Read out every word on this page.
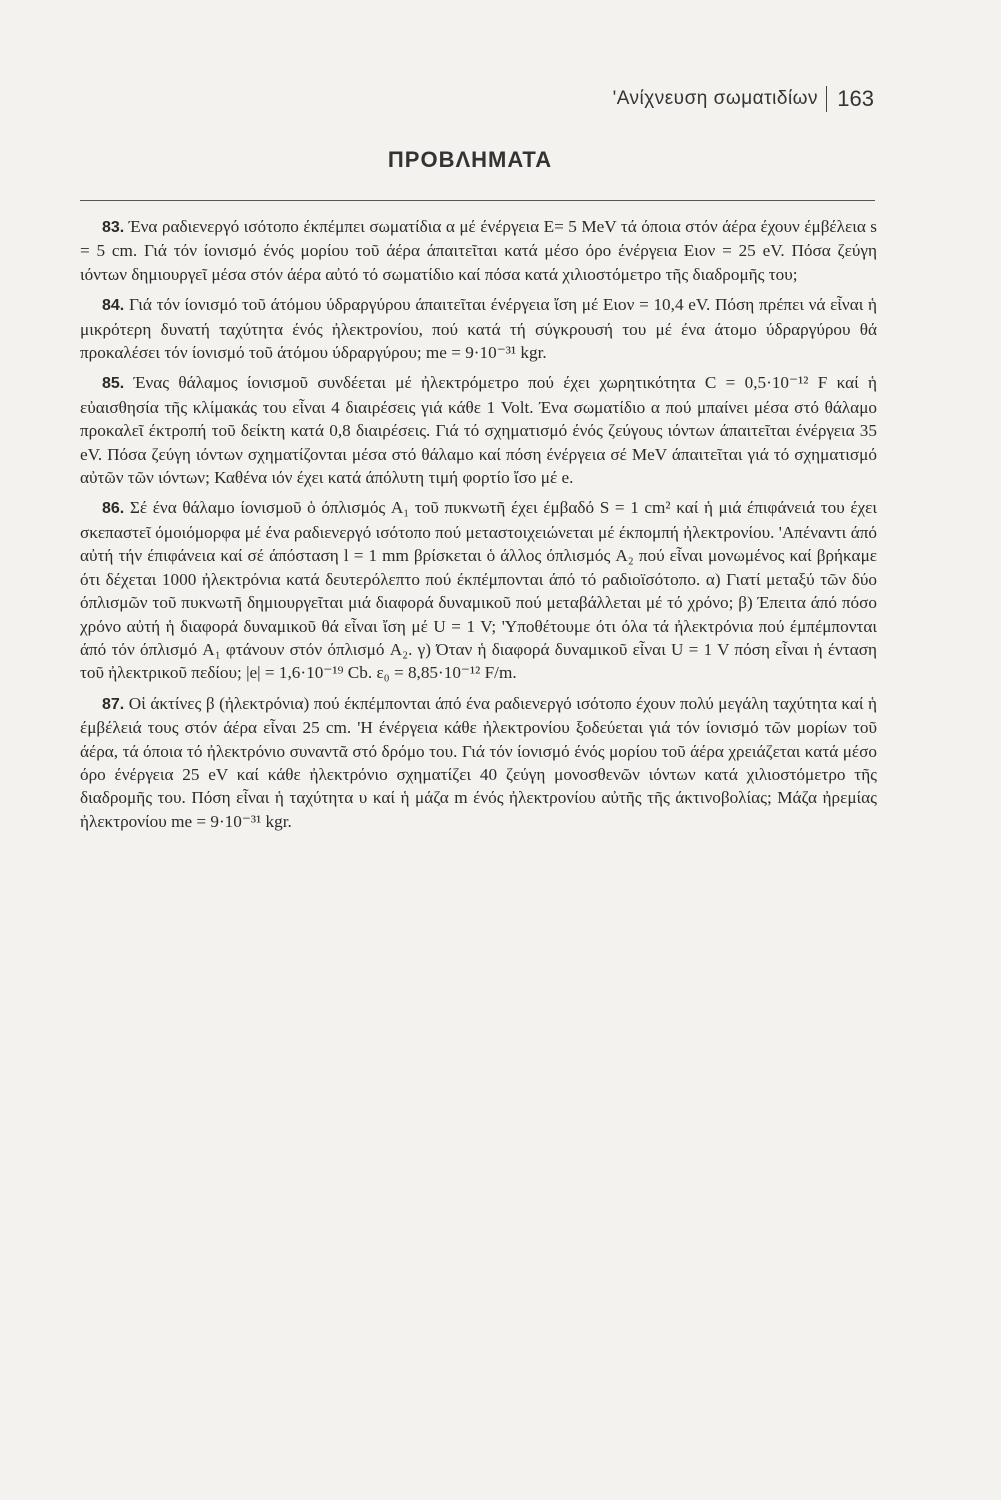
'Ανίχνευση σωματιδίων 163
ΠΡΟΒΛΗΜΑΤΑ

83. Ένα ραδιενεργό ισότοπο έκπέμπει σωματίδια α μέ ένέργεια Ε= 5 MeV τά όποια στόν άέρα έχουν έμβέλεια s = 5 cm. Γιά τόν ίονισμό ένός μορίου τοῦ άέρα άπαιτεῖται κατά μέσο όρο ένέργεια Eιον = 25 eV. Πόσα ζεύγη ιόντων δημιουργεῖ μέσα στόν άέρα αὐτό τό σωματίδιο καί πόσα κατά χιλιοστόμετρο τῆς διαδρομῆς του;

84. Γιά τόν ίονισμό τοῦ άτόμου ύδραργύρου άπαιτεῖται ένέργεια ἴση μέ Eιον = 10,4 eV. Πόση πρέπει νά εἶναι ἡ μικρότερη δυνατή ταχύτητα ένός ἠλεκτρονίου, πού κατά τή σύγκρουσή του μέ ένα άτομο ύδραργύρου θά προκαλέσει τόν ίονισμό τοῦ άτόμου ύδραργύρου; me = 9·10⁻³¹ kgr.

85. Ένας θάλαμος ίονισμοῦ συνδέεται μέ ἠλεκτρόμετρο πού έχει χωρητικότητα C = 0,5·10⁻¹² F καί ἡ εὐαισθησία τῆς κλίμακάς του εἶναι 4 διαιρέσεις γιά κάθε 1 Volt. Ένα σωματίδιο α πού μπαίνει μέσα στό θάλαμο προκαλεῖ έκτροπή τοῦ δείκτη κατά 0,8 διαιρέσεις. Γιά τό σχηματισμό ένός ζεύγους ιόντων άπαιτεῖται ένέργεια 35 eV. Πόσα ζεύγη ιόντων σχηματίζονται μέσα στό θάλαμο καί πόση ένέργεια σέ MeV άπαιτεῖται γιά τό σχηματισμό αὐτῶν τῶν ιόντων; Καθένα ιόν έχει κατά άπόλυτη τιμή φορτίο ἴσο μέ e.

86. Σέ ένα θάλαμο ίονισμοῦ ὁ όπλισμός A₁ τοῦ πυκνωτῆ έχει έμβαδό S = 1 cm² καί ἡ μιά έπιφάνειά του έχει σκεπαστεῖ όμοιόμορφα μέ ένα ραδιενεργό ισότοπο πού μεταστοιχειώνεται μέ έκπομπή ἠλεκτρονίου. 'Απέναντι άπό αὐτή τήν έπιφάνεια καί σέ άπόσταση l = 1 mm βρίσκεται ὁ άλλος όπλισμός A₂ πού εἶναι μονωμένος καί βρήκαμε ότι δέχεται 1000 ἠλεκτρόνια κατά δευτερόλεπτο πού έκπέμπονται άπό τό ραδιοϊσότοπο. α) Γιατί μεταξύ τῶν δύο όπλισμῶν τοῦ πυκνωτῆ δημιουργεῖται μιά διαφορά δυναμικοῦ πού μεταβάλλεται μέ τό χρόνο; β) Έπειτα άπό πόσο χρόνο αὐτή ἡ διαφορά δυναμικοῦ θά εἶναι ἴση μέ U = 1 V; 'Υποθέτουμε ότι όλα τά ἠλεκτρόνια πού έμπέμπονται άπό τόν όπλισμό A₁ φτάνουν στόν όπλισμό A₂. γ) Όταν ἡ διαφορά δυναμικοῦ εἶναι U = 1 V πόση εἶναι ἡ ένταση τοῦ ἠλεκτρικοῦ πεδίου; |e| = 1,6·10⁻¹⁹ Cb. ε₀ = 8,85·10⁻¹² F/m.

87. Οἱ άκτίνες β (ἠλεκτρόνια) πού έκπέμπονται άπό ένα ραδιενεργό ισότοπο έχουν πολύ μεγάλη ταχύτητα καί ἡ έμβέλειά τους στόν άέρα εἶναι 25 cm. 'Η ένέργεια κάθε ἠλεκτρονίου ξοδεύεται γιά τόν ίονισμό τῶν μορίων τοῦ άέρα, τά όποια τό ἠλεκτρόνιο συναντᾶ στό δρόμο του. Γιά τόν ίονισμό ένός μορίου τοῦ άέρα χρειάζεται κατά μέσο όρο ένέργεια 25 eV καί κάθε ἠλεκτρόνιο σχηματίζει 40 ζεύγη μονοσθενῶν ιόντων κατά χιλιοστόμετρο τῆς διαδρομῆς του. Πόση εἶναι ἡ ταχύτητα υ καί ἡ μάζα m ένός ἠλεκτρονίου αὐτῆς τῆς άκτινοβολίας; Μάζα ἠρεμίας ἠλεκτρονίου me = 9·10⁻³¹ kgr.
